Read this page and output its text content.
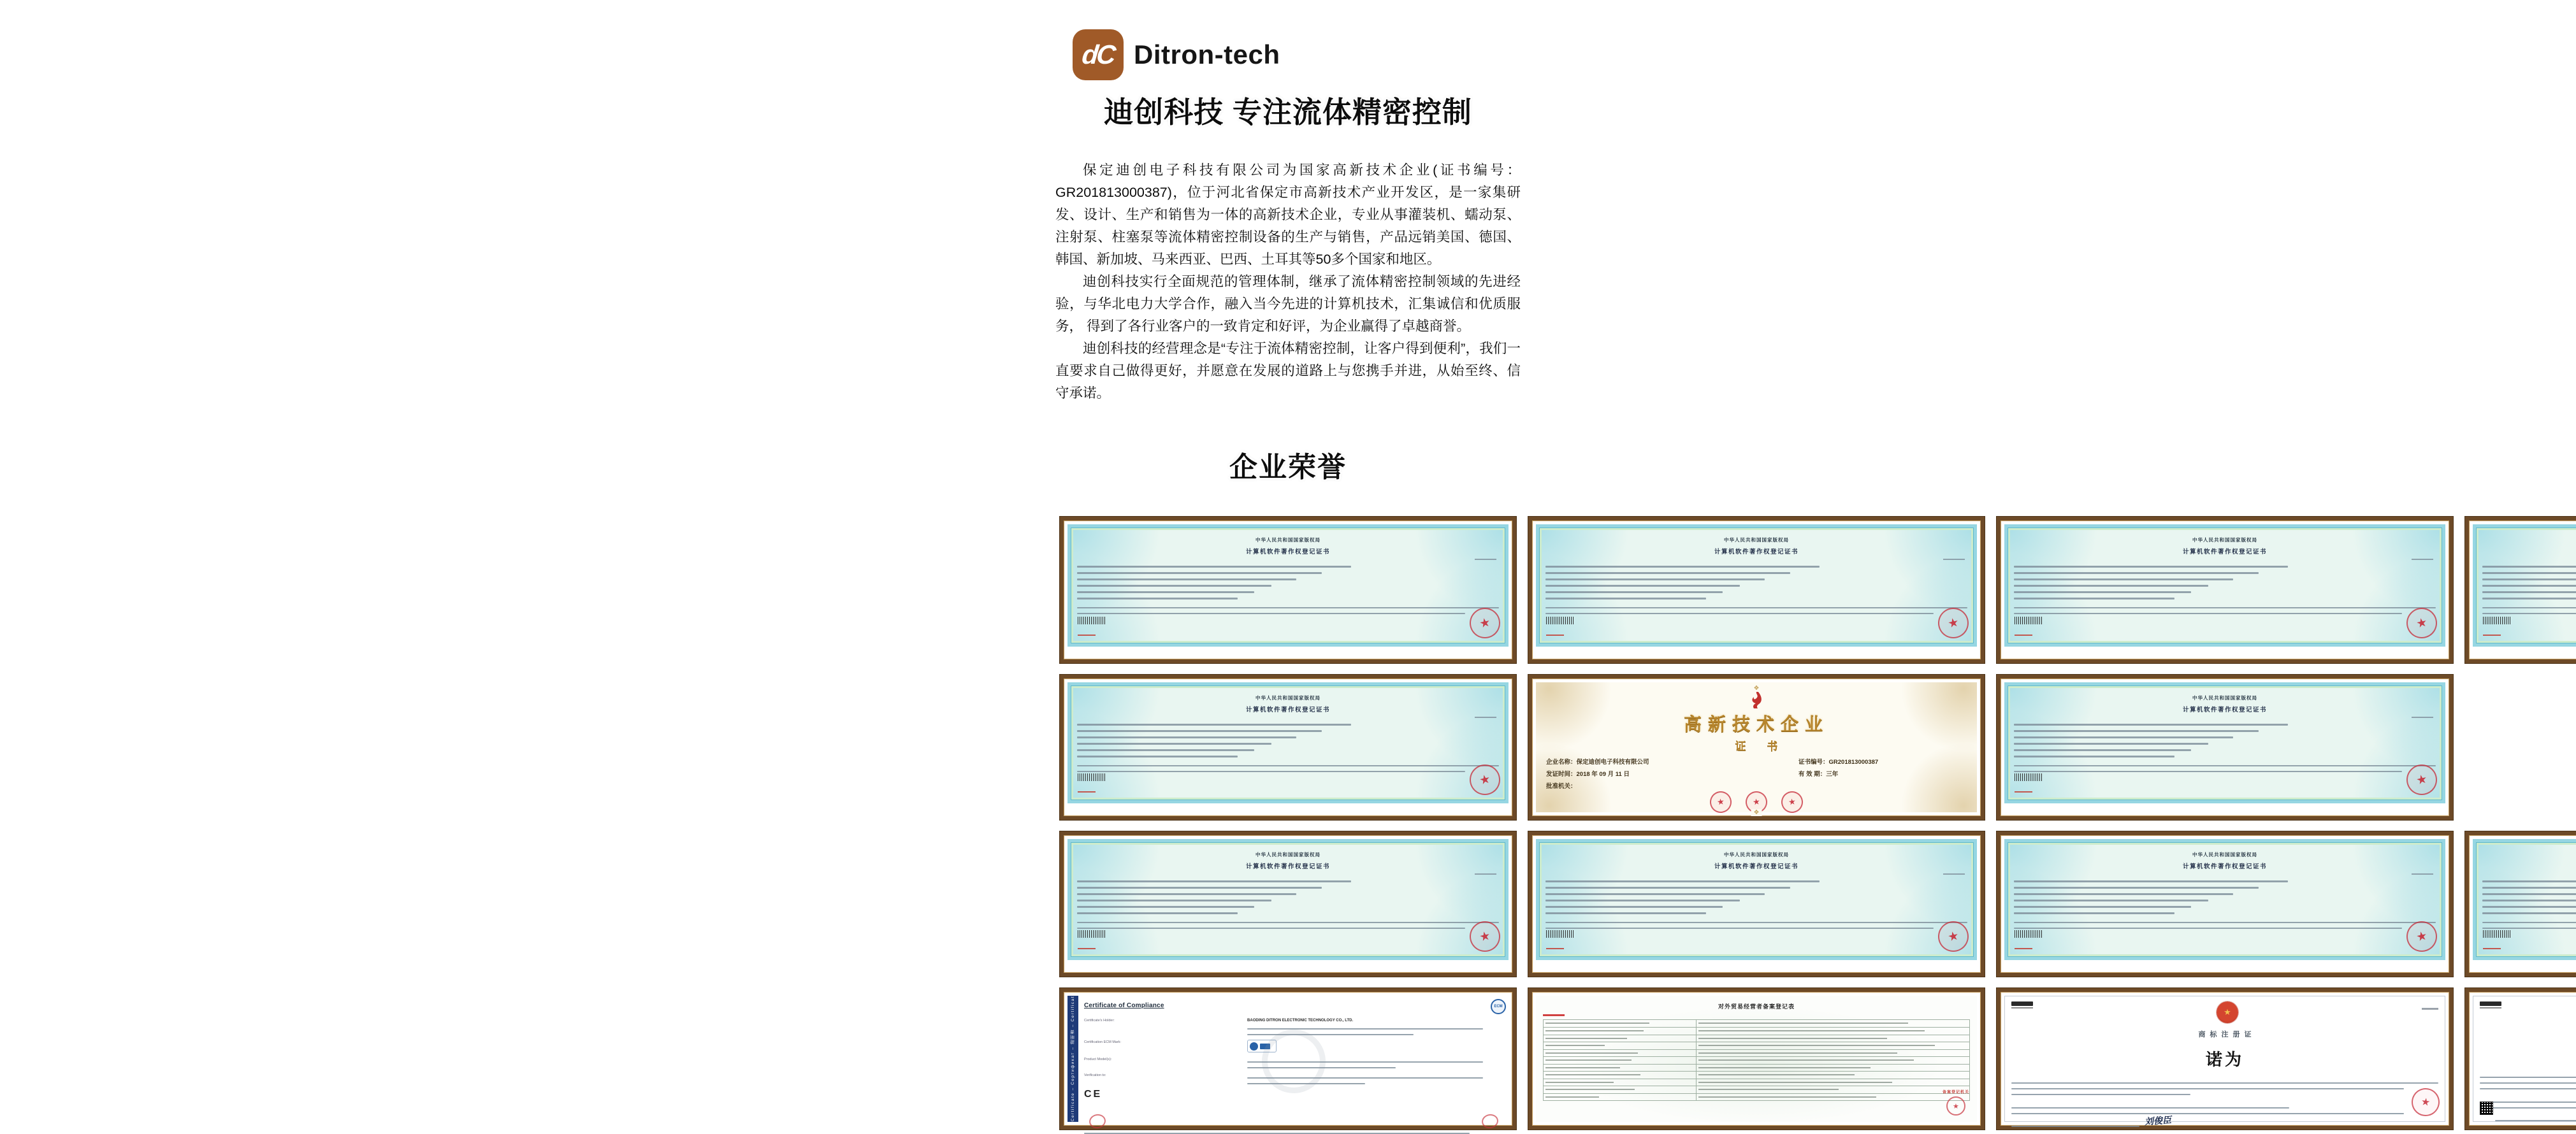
dC Ditron-tech
迪创科技 专注流体精密控制

保定迪创电子科技有限公司为国家高新技术企业(证书编号：GR201813000387)，位于河北省保定市高新技术产业开发区，是一家集研发、设计、生产和销售为一体的高新技术企业，专业从事灌装机、蠕动泵、注射泵、柱塞泵等流体精密控制设备的生产与销售，产品远销美国、德国、韩国、新加坡、马来西亚、巴西、土耳其等50多个国家和地区。

迪创科技实行全面规范的管理体制，继承了流体精密控制领域的先进经验，与华北电力大学合作，融入当今先进的计算机技术，汇集诚信和优质服务， 得到了各行业客户的一致肯定和好评，为企业赢得了卓越商誉。

迪创科技的经营理念是“专注于流体精密控制，让客户得到便利”，我们一直要求自己做得更好，并愿意在发展的道路上与您携手并进，从始至终、信守承诺。

企业荣誉
中华人民共和国国家版权局
计算机软件著作权登记证书
★
中华人民共和国国家版权局
计算机软件著作权登记证书
★
中华人民共和国国家版权局
计算机软件著作权登记证书
★
中华人民共和国国家版权局
计算机软件著作权登记证书
★
高新技术企业
证 书
企业名称：保定迪创电子科技有限公司	证书编号：GR201813000387
发证时间：2018 年 09 月 11 日	有 效 期：三年
批准机关：
★
★
★
中华人民共和国国家版权局
计算机软件著作权登记证书
★
中华人民共和国国家版权局
计算机软件著作权登记证书
★
中华人民共和国国家版权局
计算机软件著作权登记证书
★
中华人民共和国国家版权局
计算机软件著作权登记证书
★
Certificate – Сертификат – 證明書 – Certificat Certificate of Compliance	ECM
Certificate's Holder:	BAODING DITRON ELECTRONIC TECHNOLOGY CO., LTD.
Certification ECM Mark:
Product Model(s):
Verification to:
CE
对外贸易经营者备案登记表
备案登记机关
★
★
商标注册证
诺为
刘俊臣
★
